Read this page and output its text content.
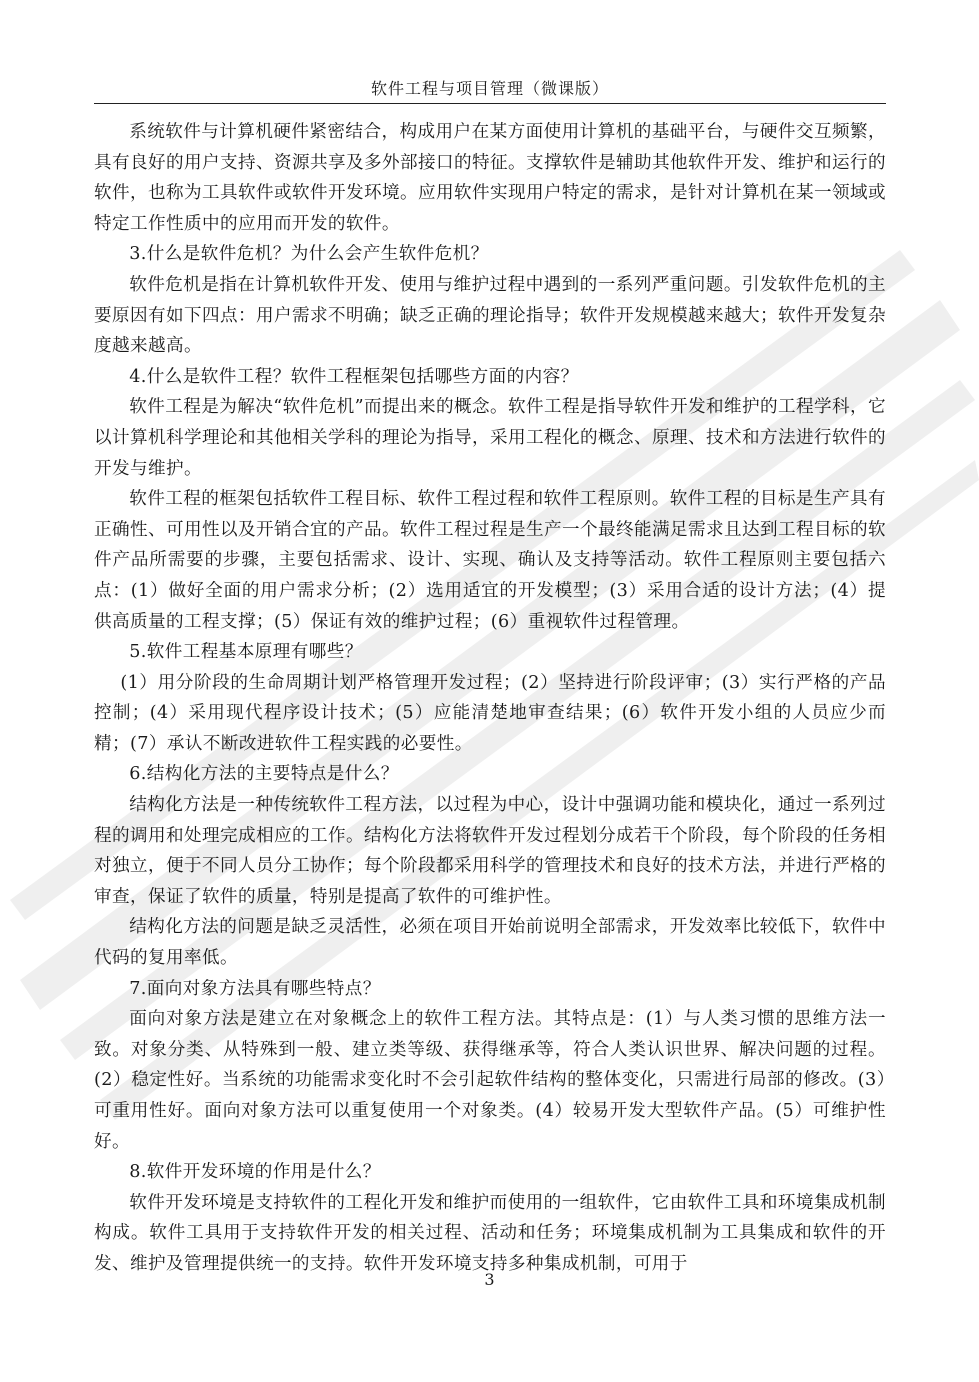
软件工程与项目管理（微课版）

系统软件与计算机硬件紧密结合，构成用户在某方面使用计算机的基础平台，与硬件交互频繁，具有良好的用户支持、资源共享及多外部接口的特征。支撑软件是辅助其他软件开发、维护和运行的软件，也称为工具软件或软件开发环境。应用软件实现用户特定的需求，是针对计算机在某一领域或特定工作性质中的应用而开发的软件。

3.什么是软件危机？为什么会产生软件危机？

软件危机是指在计算机软件开发、使用与维护过程中遇到的一系列严重问题。引发软件危机的主要原因有如下四点：用户需求不明确；缺乏正确的理论指导；软件开发规模越来越大；软件开发复杂度越来越高。

4.什么是软件工程？软件工程框架包括哪些方面的内容？

软件工程是为解决“软件危机”而提出来的概念。软件工程是指导软件开发和维护的工程学科，它以计算机科学理论和其他相关学科的理论为指导，采用工程化的概念、原理、技术和方法进行软件的开发与维护。

软件工程的框架包括软件工程目标、软件工程过程和软件工程原则。软件工程的目标是生产具有正确性、可用性以及开销合宜的产品。软件工程过程是生产一个最终能满足需求且达到工程目标的软件产品所需要的步骤，主要包括需求、设计、实现、确认及支持等活动。软件工程原则主要包括六点：(1）做好全面的用户需求分析；(2）选用适宜的开发模型；(3）采用合适的设计方法；(4）提供高质量的工程支撑；(5）保证有效的维护过程；(6）重视软件过程管理。

5.软件工程基本原理有哪些？

(1）用分阶段的生命周期计划严格管理开发过程；(2）坚持进行阶段评审；(3）实行严格的产品控制；(4）采用现代程序设计技术；(5）应能清楚地审查结果；(6）软件开发小组的人员应少而精；(7）承认不断改进软件工程实践的必要性。

6.结构化方法的主要特点是什么？

结构化方法是一种传统软件工程方法，以过程为中心，设计中强调功能和模块化，通过一系列过程的调用和处理完成相应的工作。结构化方法将软件开发过程划分成若干个阶段，每个阶段的任务相对独立，便于不同人员分工协作；每个阶段都采用科学的管理技术和良好的技术方法，并进行严格的审查，保证了软件的质量，特别是提高了软件的可维护性。

结构化方法的问题是缺乏灵活性，必须在项目开始前说明全部需求，开发效率比较低下，软件中代码的复用率低。

7.面向对象方法具有哪些特点？

面向对象方法是建立在对象概念上的软件工程方法。其特点是：(1）与人类习惯的思维方法一致。对象分类、从特殊到一般、建立类等级、获得继承等，符合人类认识世界、解决问题的过程。(2）稳定性好。当系统的功能需求变化时不会引起软件结构的整体变化，只需进行局部的修改。(3）可重用性好。面向对象方法可以重复使用一个对象类。(4）较易开发大型软件产品。(5）可维护性好。

8.软件开发环境的作用是什么？

软件开发环境是支持软件的工程化开发和维护而使用的一组软件，它由软件工具和环境集成机制构成。软件工具用于支持软件开发的相关过程、活动和任务；环境集成机制为工具集成和软件的开发、维护及管理提供统一的支持。软件开发环境支持多种集成机制，可用于

3
